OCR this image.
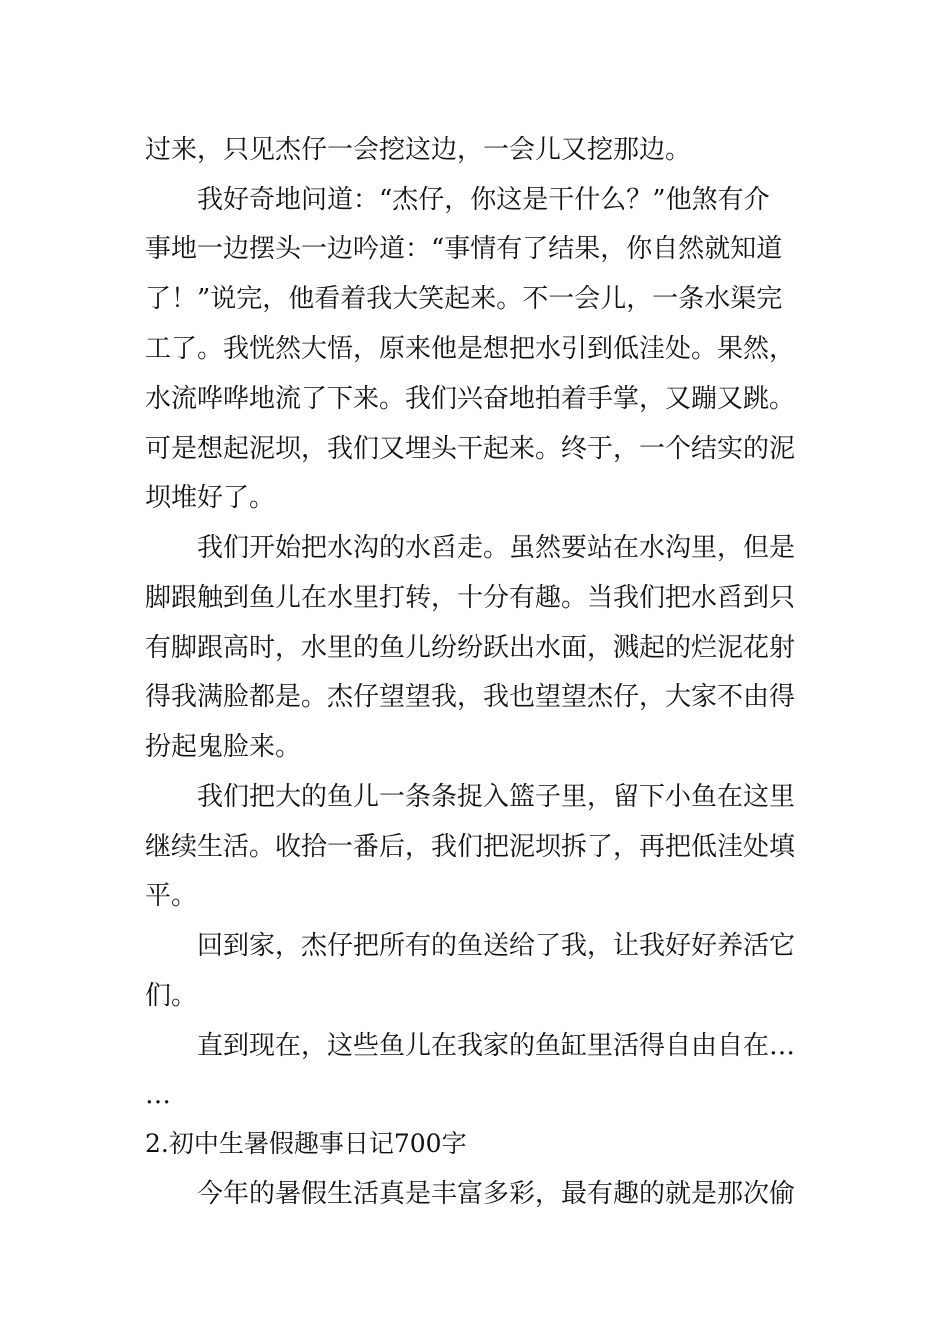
过来，只见杰仔一会挖这边，一会儿又挖那边。

我好奇地问道：“杰仔，你这是干什么？”他煞有介

事地一边摆头一边吟道：“事情有了结果，你自然就知道

了！”说完，他看着我大笑起来。不一会儿，一条水渠完

工了。我恍然大悟，原来他是想把水引到低洼处。果然，

水流哗哗地流了下来。我们兴奋地拍着手掌，又蹦又跳。

可是想起泥坝，我们又埋头干起来。终于，一个结实的泥

坝堆好了。

我们开始把水沟的水舀走。虽然要站在水沟里，但是

脚跟触到鱼儿在水里打转，十分有趣。当我们把水舀到只

有脚跟高时，水里的鱼儿纷纷跃出水面，溅起的烂泥花射

得我满脸都是。杰仔望望我，我也望望杰仔，大家不由得

扮起鬼脸来。

我们把大的鱼儿一条条捉入篮子里，留下小鱼在这里

继续生活。收拾一番后，我们把泥坝拆了，再把低洼处填

平。

回到家，杰仔把所有的鱼送给了我，让我好好养活它

们。

直到现在，这些鱼儿在我家的鱼缸里活得自由自在…

…

2.初中生暑假趣事日记700字

今年的暑假生活真是丰富多彩，最有趣的就是那次偷
